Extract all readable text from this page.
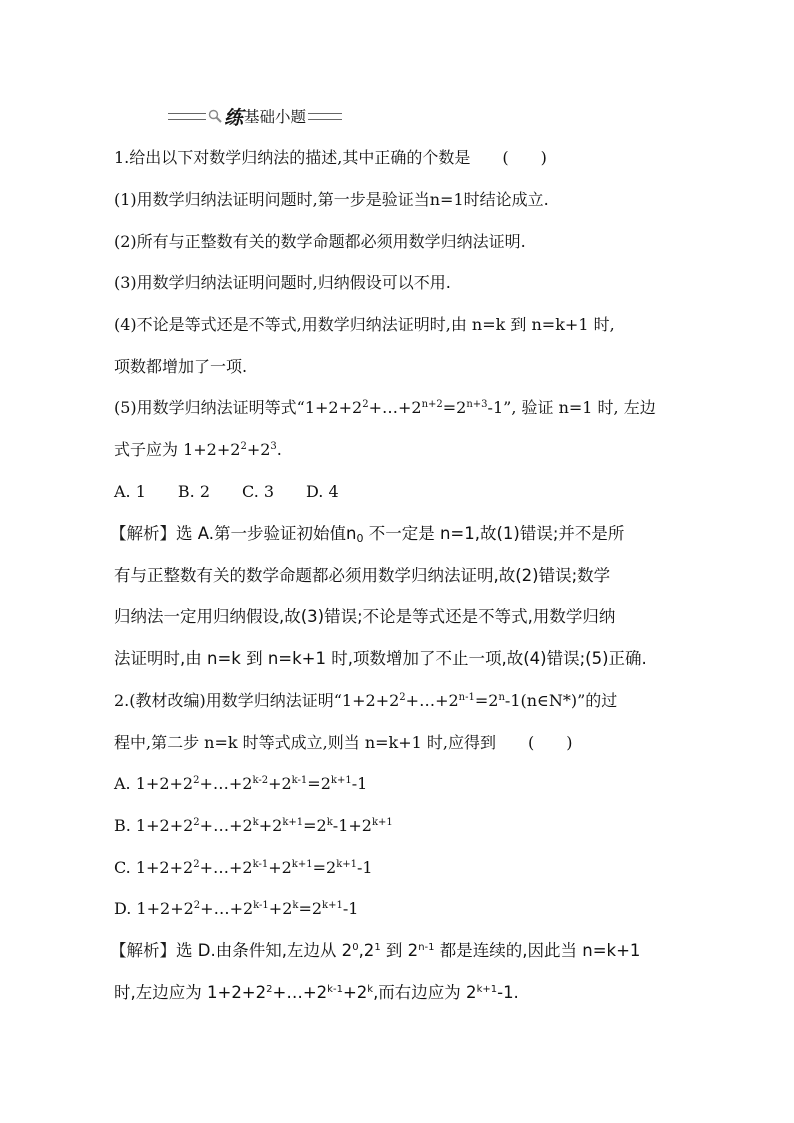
练 基础小题
1.给出以下对数学归纳法的描述,其中正确的个数是　　(　　)
(1)用数学归纳法证明问题时,第一步是验证当n=1时结论成立.
(2)所有与正整数有关的数学命题都必须用数学归纳法证明.
(3)用数学归纳法证明问题时,归纳假设可以不用.
(4)不论是等式还是不等式,用数学归纳法证明时,由 n=k 到 n=k+1 时,
项数都增加了一项.
(5)用数学归纳法证明等式“$1+2+2^2+\dots+2^{n+2}=2^{n+3}-1$”, 验证 n=1 时, 左边
式子应为 $1+2+2^2+2^3$.
A. 1　　B. 2　　C. 3　　D. 4
【解析】选 A.第一步验证初始值$n_0$ 不一定是 n=1,故(1)错误;并不是所
有与正整数有关的数学命题都必须用数学归纳法证明,故(2)错误;数学
归纳法一定用归纳假设,故(3)错误;不论是等式还是不等式,用数学归纳
法证明时,由 n=k 到 n=k+1 时,项数增加了不止一项,故(4)错误;(5)正确.
2.(教材改编)用数学归纳法证明“$1+2+2^2+\dots+2^{n-1}=2^n-1(n\in N*)$”的过
程中,第二步 n=k 时等式成立,则当 n=k+1 时,应得到　　(　　)
A. $1+2+2^2+\dots+2^{k-2}+2^{k-1}=2^{k+1}-1$
B. $1+2+2^2+\dots+2^k+2^{k+1}=2^k-1+2^{k+1}$
C. $1+2+2^2+\dots+2^{k-1}+2^{k+1}=2^{k+1}-1$
D. $1+2+2^2+\dots+2^{k-1}+2^k=2^{k+1}-1$
【解析】选 D.由条件知,左边从 $2^0,2^1$ 到 2$^{n-1}$ 都是连续的,因此当 n=k+1
时,左边应为 $1+2+2^2+\dots+2^{k-1}+2^k$,而右边应为 $2^{k+1}-1$.
